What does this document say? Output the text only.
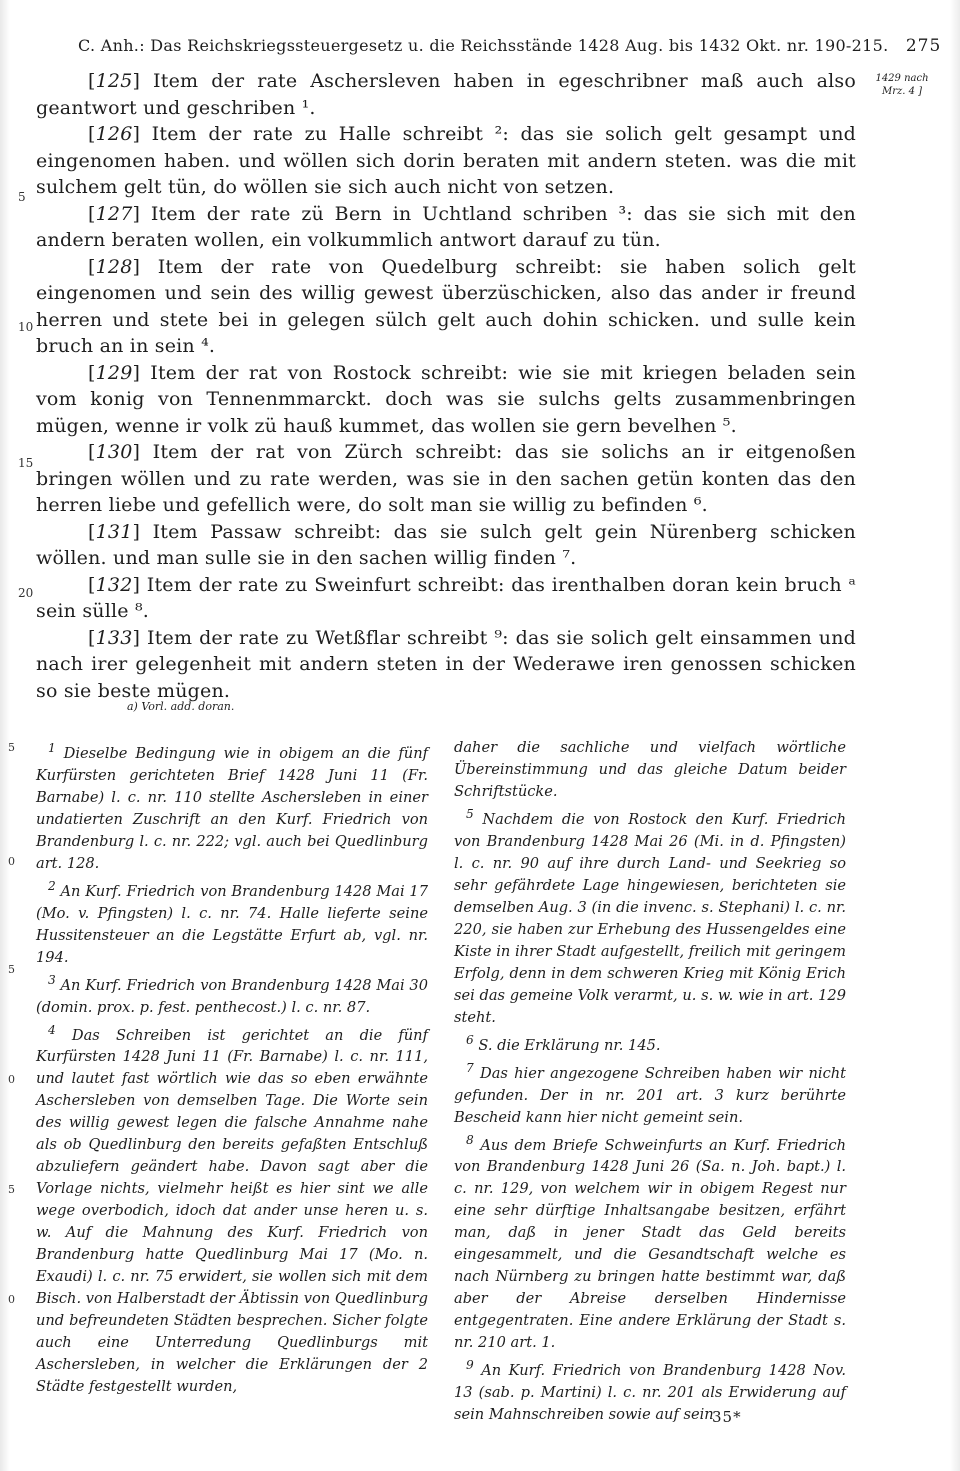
C. Anh.: Das Reichskriegssteuergesetz u. die Reichsstände 1428 Aug. bis 1432 Okt. nr. 190-215. 275
1429 nach Mrz. 4 ]

[125] Item der rate Aschersleven haben in egeschribner maß auch also geantwort und geschriben ¹.

[126] Item der rate zu Halle schreibt ²: das sie solich gelt gesampt und eingenomen haben. und wöllen sich dorin beraten mit andern steten. was die mit sulchem gelt tün, do wöllen sie sich auch nicht von setzen.

[127] Item der rate zü Bern in Uchtland schriben ³: das sie sich mit den andern beraten wollen, ein volkummlich antwort darauf zu tün.

[128] Item der rate von Quedelburg schreibt: sie haben solich gelt eingenomen und sein des willig gewest überzüschicken, also das ander ir freund herren und stete bei in gelegen sülch gelt auch dohin schicken. und sulle kein bruch an in sein ⁴.

[129] Item der rat von Rostock schreibt: wie sie mit kriegen beladen sein vom konig von Tennenmmarckt. doch was sie sulchs gelts zusammenbringen mügen, wenne ir volk zü hauß kummet, das wollen sie gern bevelhen ⁵.

[130] Item der rat von Zürch schreibt: das sie solichs an ir eitgenoßen bringen wöllen und zu rate werden, was sie in den sachen getün konten das den herren liebe und gefellich were, do solt man sie willig zu befinden ⁶.

[131] Item Passaw schreibt: das sie sulch gelt gein Nürenberg schicken wöllen. und man sulle sie in den sachen willig finden ⁷.

[132] Item der rate zu Sweinfurt schreibt: das irenthalben doran kein bruch ᵃ sein sülle ⁸.

[133] Item der rate zu Wetßflar schreibt ⁹: das sie solich gelt einsammen und nach irer gelegenheit mit andern steten in der Wederawe iren genossen schicken so sie beste mügen.

5
10
15
20
a) Vorl. add. doran.

$^1$ Dieselbe Bedingung wie in obigem an die fünf Kurfürsten gerichteten Brief 1428 Juni 11 (Fr. Barnabe) l. c. nr. 110 stellte Aschersleben in einer undatierten Zuschrift an den Kurf. Friedrich von Brandenburg l. c. nr. 222; vgl. auch bei Quedlinburg art. 128.

$^2$ An Kurf. Friedrich von Brandenburg 1428 Mai 17 (Mo. v. Pfingsten) l. c. nr. 74. Halle lieferte seine Hussitensteuer an die Legstätte Erfurt ab, vgl. nr. 194.

$^3$ An Kurf. Friedrich von Brandenburg 1428 Mai 30 (domin. prox. p. fest. penthecost.) l. c. nr. 87.

$^4$ Das Schreiben ist gerichtet an die fünf Kurfürsten 1428 Juni 11 (Fr. Barnabe) l. c. nr. 111, und lautet fast wörtlich wie das so eben erwähnte Aschersleben von demselben Tage. Die Worte sein des willig gewest legen die falsche Annahme nahe als ob Quedlinburg den bereits gefaßten Entschluß abzuliefern geändert habe. Davon sagt aber die Vorlage nichts, vielmehr heißt es hier sint we alle wege overbodich, idoch dat ander unse heren u. s. w. Auf die Mahnung des Kurf. Friedrich von Brandenburg hatte Quedlinburg Mai 17 (Mo. n. Exaudi) l. c. nr. 75 erwidert, sie wollen sich mit dem Bisch. von Halberstadt der Äbtissin von Quedlinburg und befreundeten Städten besprechen. Sicher folgte auch eine Unterredung Quedlinburgs mit Aschersleben, in welcher die Erklärungen der 2 Städte festgestellt wurden,

daher die sachliche und vielfach wörtliche Übereinstimmung und das gleiche Datum beider Schriftstücke.

$^5$ Nachdem die von Rostock den Kurf. Friedrich von Brandenburg 1428 Mai 26 (Mi. in d. Pfingsten) l. c. nr. 90 auf ihre durch Land- und Seekrieg so sehr gefährdete Lage hingewiesen, berichteten sie demselben Aug. 3 (in die invenc. s. Stephani) l. c. nr. 220, sie haben zur Erhebung des Hussengeldes eine Kiste in ihrer Stadt aufgestellt, freilich mit geringem Erfolg, denn in dem schweren Krieg mit König Erich sei das gemeine Volk verarmt, u. s. w. wie in art. 129 steht.

$^6$ S. die Erklärung nr. 145.

$^7$ Das hier angezogene Schreiben haben wir nicht gefunden. Der in nr. 201 art. 3 kurz berührte Bescheid kann hier nicht gemeint sein.

$^8$ Aus dem Briefe Schweinfurts an Kurf. Friedrich von Brandenburg 1428 Juni 26 (Sa. n. Joh. bapt.) l. c. nr. 129, von welchem wir in obigem Regest nur eine sehr dürftige Inhaltsangabe besitzen, erfährt man, daß in jener Stadt das Geld bereits eingesammelt, und die Gesandtschaft welche es nach Nürnberg zu bringen hatte bestimmt war, daß aber der Abreise derselben Hindernisse entgegentraten. Eine andere Erklärung der Stadt s. nr. 210 art. 1.

$^9$ An Kurf. Friedrich von Brandenburg 1428 Nov. 13 (sab. p. Martini) l. c. nr. 201 als Erwiderung auf sein Mahnschreiben sowie auf sein

5
0
5
0
5
0
35*
